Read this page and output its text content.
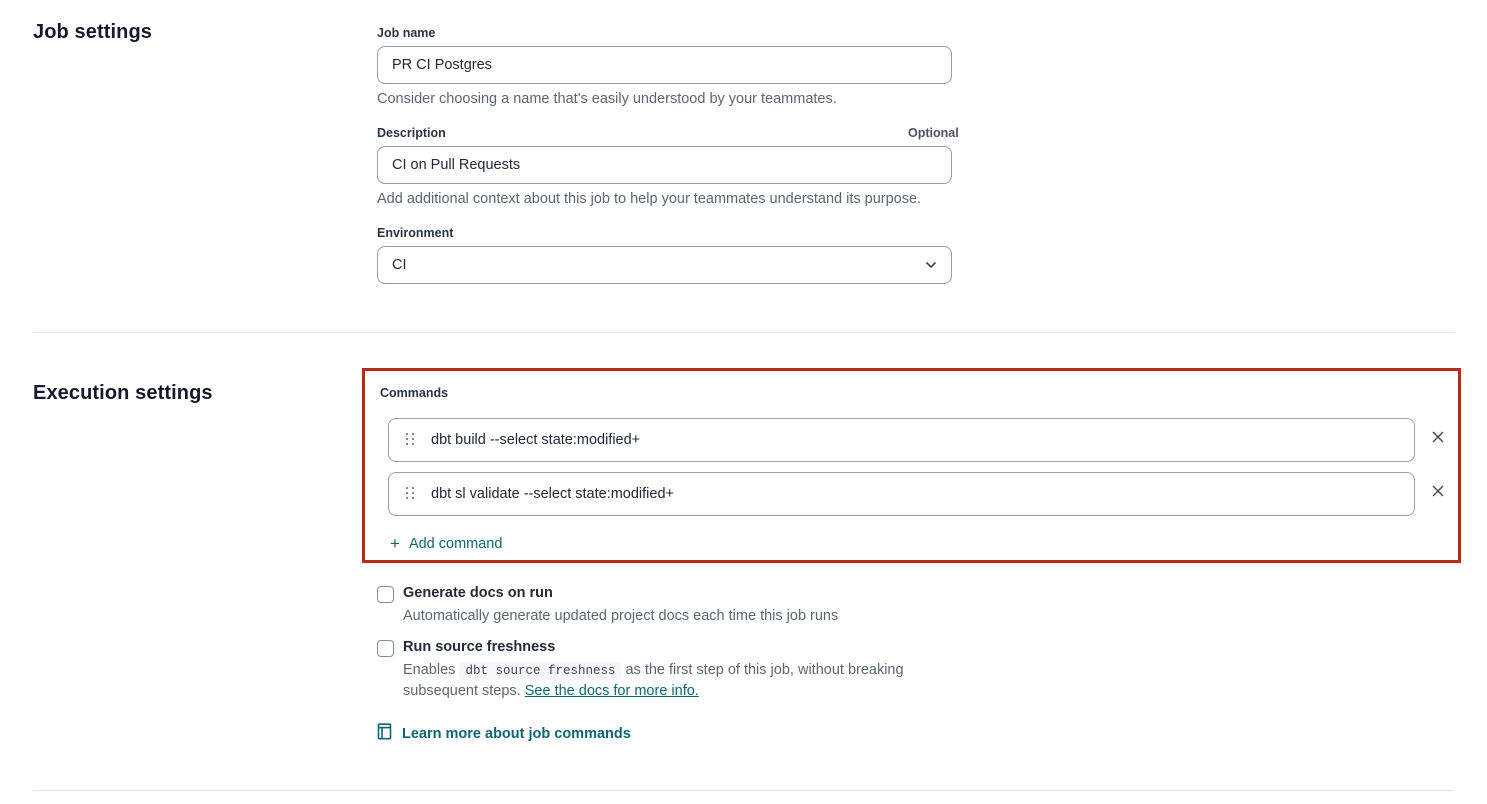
Job settings	Job name
PR CI Postgres
Consider choosing a name that's easily understood by your teammates.
Description	Optional
CI on Pull Requests
Add additional context about this job to help your teammates understand its purpose.
Environment
CI
Execution settings	Commands
dbt build --select state:modified+
dbt sl validate --select state:modified+
+ Add command
Generate docs on run
Automatically generate updated project docs each time this job runs
Run source freshness
Enables dbt source freshness as the first step of this job, without breaking subsequent steps. See the docs for more info.
Learn more about job commands
